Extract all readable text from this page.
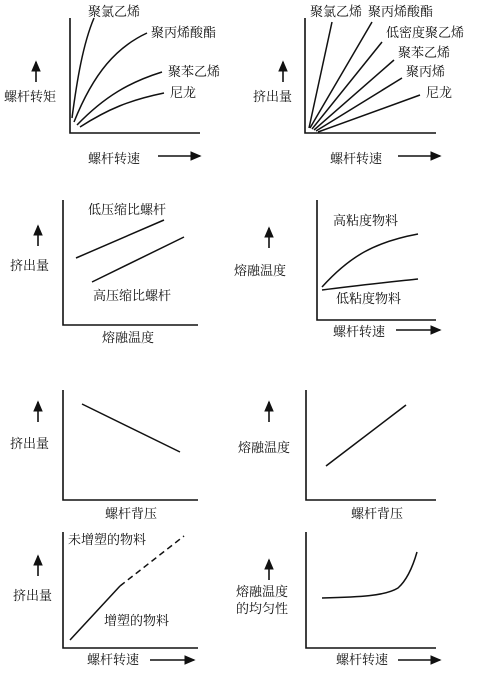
螺杆转矩
螺杆转速
聚氯乙烯
聚丙烯酸酯
聚苯乙烯
尼龙	挤出量
螺杆转速
聚氯乙烯 聚丙烯酸酯
低密度聚乙烯
聚苯乙烯
聚丙烯
尼龙
挤出量
熔融温度
低压缩比螺杆
高压缩比螺杆
熔融温度
螺杆转速
高粘度物料
低粘度物料
挤出量
螺杆背压
熔融温度
螺杆背压
挤出量
螺杆转速
未增塑的物料
增塑的物料
熔融温度
的均匀性
螺杆转速
